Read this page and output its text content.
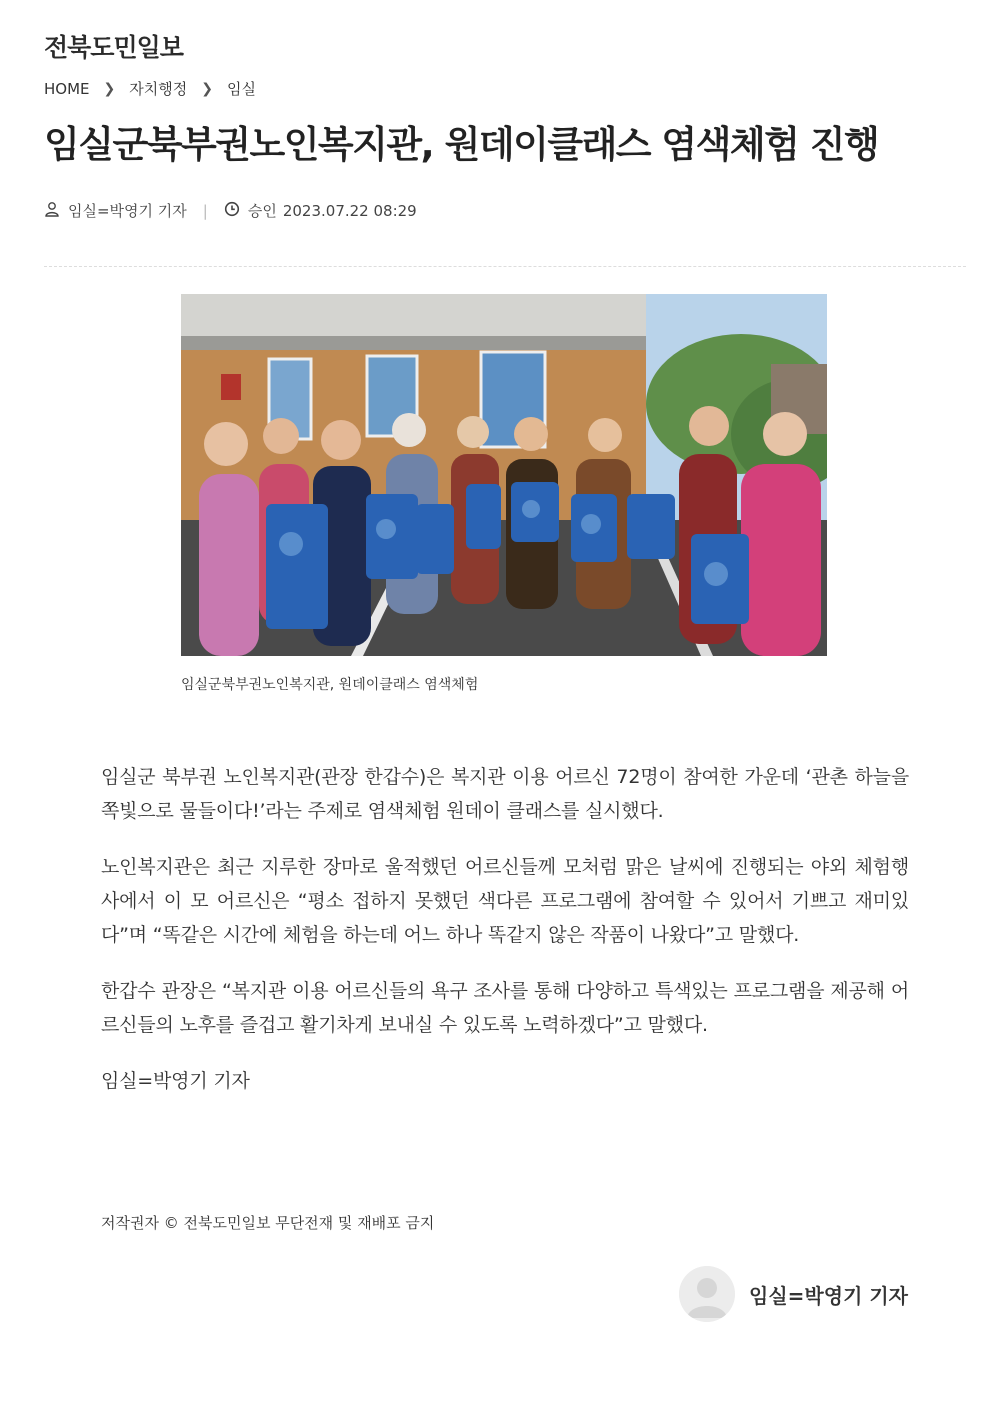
전북도민일보
HOME ❯ 자치행정 ❯ 임실
임실군북부권노인복지관, 원데이클래스 염색체험 진행
임실=박영기 기자 |	승인 2023.07.22 08:29
임실군북부권노인복지관, 원데이클래스 염색체험

임실군 북부권 노인복지관(관장 한갑수)은 복지관 이용 어르신 72명이 참여한 가운데 ‘관촌 하늘을 쪽빛으로 물들이다!’라는 주제로 염색체험 원데이 클래스를 실시했다.

노인복지관은 최근 지루한 장마로 울적했던 어르신들께 모처럼 맑은 날씨에 진행되는 야외 체험행사에서 이 모 어르신은 “평소 접하지 못했던 색다른 프로그램에 참여할 수 있어서 기쁘고 재미있다”며 “똑같은 시간에 체험을 하는데 어느 하나 똑같지 않은 작품이 나왔다”고 말했다.

한갑수 관장은 “복지관 이용 어르신들의 욕구 조사를 통해 다양하고 특색있는 프로그램을 제공해 어르신들의 노후를 즐겁고 활기차게 보내실 수 있도록 노력하겠다”고 말했다.

임실=박영기 기자

저작권자 © 전북도민일보 무단전재 및 재배포 금지
임실=박영기 기자
